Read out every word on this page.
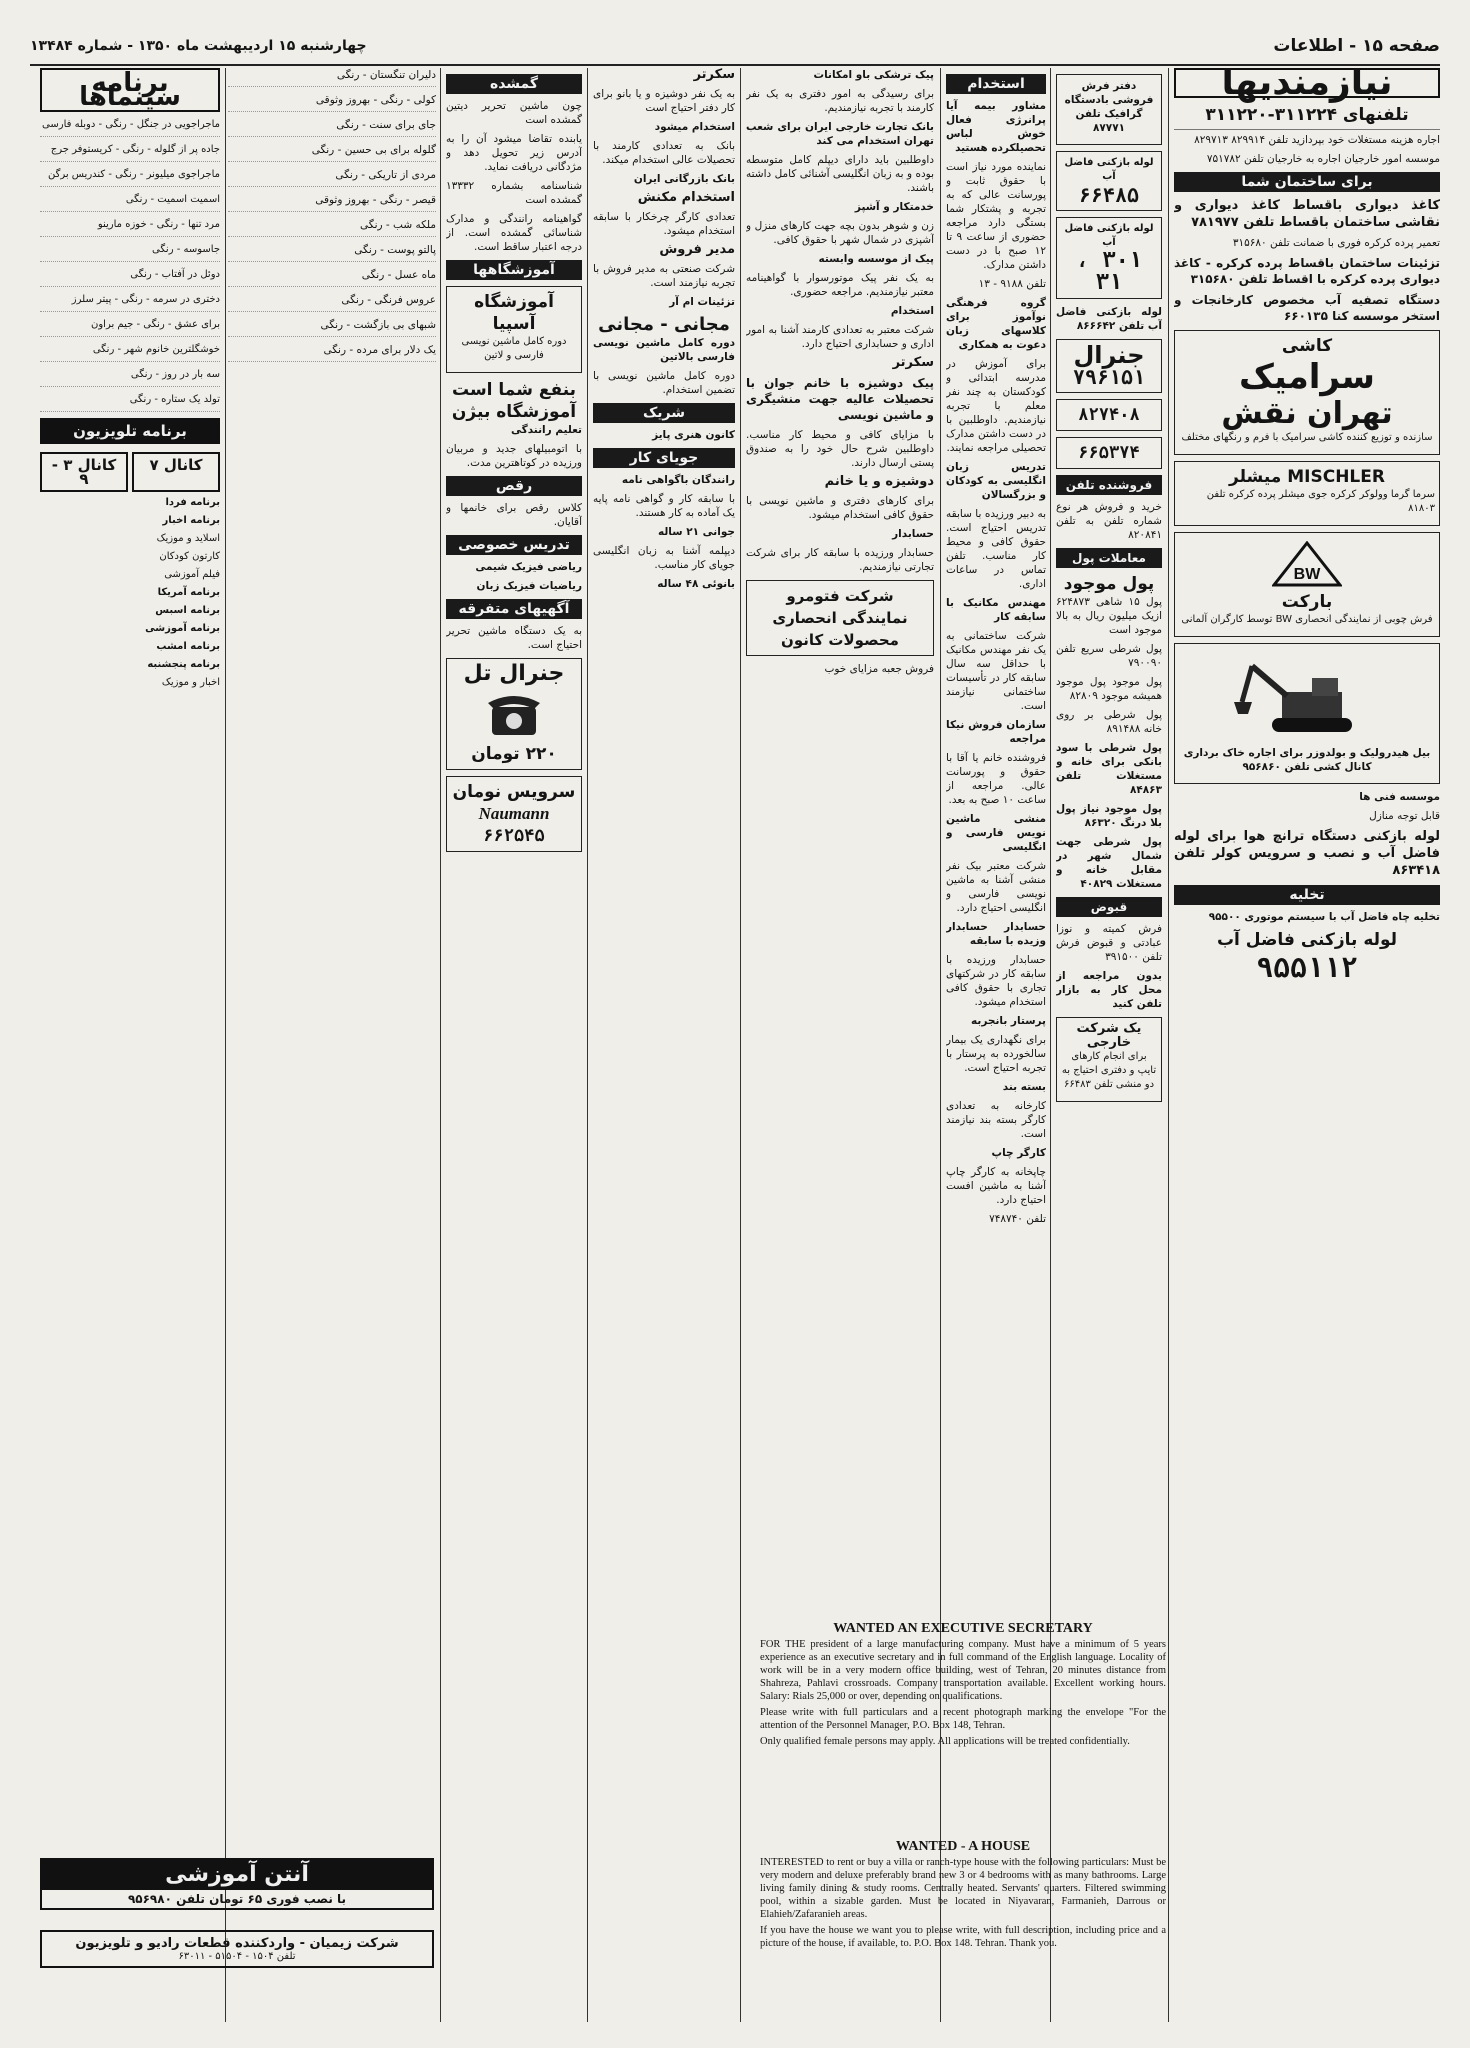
صفحه ۱۵ - اطلاعات
چهارشنبه ۱۵ اردیبهشت ماه ۱۳۵۰ - شماره ۱۳۴۸۴
نیازمندیها
تلفنهای ۳۱۱۲۲۴-۳۱۱۲۲۰

اجاره هزینه مستغلات خود بپردازید تلفن ۸۲۹۹۱۴ ۸۲۹۷۱۳

موسسه امور خارجیان اجاره به خارجیان تلفن ۷۵۱۷۸۲

برای ساختمان شما

کاغذ دیواری باقساط کاغذ دیواری و نقاشی ساختمان باقساط تلفن ۷۸۱۹۷۷

تعمیر پرده کرکره فوری با ضمانت تلفن ۳۱۵۶۸۰

تزئینات ساختمان باقساط پرده کرکره - کاغذ دیواری پرده کرکره با اقساط تلفن ۳۱۵۶۸۰

دستگاه تصفیه آب مخصوص کارخانجات و استخر موسسه کنا ۶۶۰۱۳۵

کاشی
سرامیک
تهران نقش

سازنده و توزیع کننده کاشی سرامیک با فرم و رنگهای مختلف

MISCHLER میشلر

سرما گرما وولوکر کرکره جوی میشلر پرده کرکره تلفن ۸۱۸۰۳

BW
بارکت

فرش چوبی از نمایندگی انحصاری BW توسط کارگران آلمانی

بیل هیدرولیک و بولدوزر برای اجاره خاک برداری کانال کشی تلفن ۹۵۶۸۶۰

موسسه فنی ها

قابل توجه منازل

لوله بازکنی دستگاه ترانچ هوا برای لوله فاضل آب و نصب و سرویس کولر تلفن ۸۶۳۴۱۸

تخلیه

تخلیه چاه فاضل آب با سیستم موتوری ۹۵۵۰۰

لوله بازکنی فاضل آب
۹۵۵۱۱۲

دفتر فرش فروشی بادستگاه گرافیک تلفن ۸۷۷۷۱

لوله بازکنی فاضل آب
۶۶۴۸۵
لوله بازکنی فاضل آب
۳۰۱ ، ۳۱

لوله بازکنی فاضل آب تلفن ۸۶۶۶۴۲

جنرال
۷۹۶۱۵۱
۸۲۷۴۰۸
۶۶۵۳۷۴
فروشنده تلفن

خرید و فروش هر نوع شماره تلفن به تلفن ۸۲۰۸۴۱

معاملات پول
پول موجود

پول ۱۵ شاهی ۶۲۴۸۷۳ ازیک میلیون ریال به بالا موجود است

پول شرطی سریع تلفن ۷۹۰۰۹۰

پول موجود پول موجود همیشه موجود ۸۲۸۰۹

پول شرطی بر روی خانه ۸۹۱۴۸۸

پول شرطی با سود بانکی برای خانه و مستغلات تلفن ۸۴۸۶۳

پول موجود نیاز پول بلا درنگ ۸۶۳۲۰

پول شرطی جهت شمال شهر در مقابل خانه و مستغلات ۴۰۸۲۹

قبوض

فرش کمیته و نوزا عبادتی و قبوض فرش تلفن ۳۹۱۵۰۰

بدون مراجعه از محل کار به بازار تلفن کنید

یک شرکت خارجی

برای انجام کارهای تایپ و دفتری احتیاج به دو منشی تلفن ۶۶۴۸۳

استخدام

مشاور بیمه آیا پرانرژی فعال خوش لباس تحصیلکرده هستید

نماینده مورد نیاز است با حقوق ثابت و پورسانت عالی که به تجربه و پشتکار شما بستگی دارد مراجعه حضوری از ساعت ۹ تا ۱۲ صبح با در دست داشتن مدارک.

تلفن ۹۱۸۸ - ۱۳

گروه فرهنگی نوآموز برای کلاسهای زبان دعوت به همکاری

برای آموزش در مدرسه ابتدائی و کودکستان به چند نفر معلم با تجربه نیازمندیم. داوطلبین با در دست داشتن مدارک تحصیلی مراجعه نمایند.

تدریس زبان انگلیسی به کودکان و بزرگسالان

به دبیر ورزیده با سابقه تدریس احتیاج است. حقوق کافی و محیط کار مناسب. تلفن تماس در ساعات اداری.

مهندس مکانیک با سابقه کار

شرکت ساختمانی به یک نفر مهندس مکانیک با حداقل سه سال سابقه کار در تأسیسات ساختمانی نیازمند است.

سازمان فروش نیکا مراجعه

فروشنده خانم یا آقا با حقوق و پورسانت عالی. مراجعه از ساعت ۱۰ صبح به بعد.

منشی ماشین نویس فارسی و انگلیسی

شرکت معتبر بیک نفر منشی آشنا به ماشین نویسی فارسی و انگلیسی احتیاج دارد.

حسابدار حسابدار وزیده با سابقه

حسابدار ورزیده با سابقه کار در شرکتهای تجاری با حقوق کافی استخدام میشود.

پرستار بانجربه

برای نگهداری یک بیمار سالخورده به پرستار با تجربه احتیاج است.

بسته بند

کارخانه به تعدادی کارگر بسته بند نیازمند است.

کارگر چاپ

چاپخانه به کارگر چاپ آشنا به ماشین افست احتیاج دارد.

تلفن ۷۴۸۷۴۰

پیک ترشکی باو امکانات

برای رسیدگی به امور دفتری به یک نفر کارمند با تجربه نیازمندیم.

بانک تجارت خارجی ایران برای شعب تهران استخدام می کند

داوطلبین باید دارای دیپلم کامل متوسطه بوده و به زبان انگلیسی آشنائی کامل داشته باشند.

خدمتکار و آشپز

زن و شوهر بدون بچه جهت کارهای منزل و آشپزی در شمال شهر با حقوق کافی.

پیک از موسسه وابسته

به یک نفر پیک موتورسوار با گواهینامه معتبر نیازمندیم. مراجعه حضوری.

استخدام

شرکت معتبر به تعدادی کارمند آشنا به امور اداری و حسابداری احتیاج دارد.

سکرتر

پیک دوشیزه با خانم جوان با تحصیلات عالیه جهت منشیگری و ماشین نویسی

با مزایای کافی و محیط کار مناسب. داوطلبین شرح حال خود را به صندوق پستی ارسال دارند.

دوشیزه و یا خانم

برای کارهای دفتری و ماشین نویسی با حقوق کافی استخدام میشود.

حسابدار

حسابدار ورزیده با سابقه کار برای شرکت تجارتی نیازمندیم.

شرکت فتومرو نمایندگی انحصاری محصولات کانون

فروش جعبه مزایای خوب

سکرتر

به یک نفر دوشیزه و یا بانو برای کار دفتر احتیاج است

استخدام میشود

بانک به تعدادی کارمند با تحصیلات عالی استخدام میکند.

بانک بازرگانی ایران

استخدام مکنش

تعدادی کارگر چرخکار با سابقه استخدام میشود.

مدیر فروش

شرکت صنعتی به مدیر فروش با تجربه نیازمند است.

تزئینات ام آر

مجانی - مجانی

دوره کامل ماشین نویسی فارسی بالاتین

دوره کامل ماشین نویسی با تضمین استخدام.

شریک

کانون هنری پایز

جویای کار

رانندگان باگواهی نامه

با سابقه کار و گواهی نامه پایه یک آماده به کار هستند.

جوانی ۲۱ ساله

دیپلمه آشنا به زبان انگلیسی جویای کار مناسب.

بانوئی ۴۸ ساله

WANTED AN EXECUTIVE SECRETARY

FOR THE president of a large manufacturing company. Must have a minimum of 5 years experience as an executive secretary and in full command of the English language. Locality of work will be in a very modern office building, west of Tehran, 20 minutes distance from Shahreza, Pahlavi crossroads. Company transportation available. Excellent working hours. Salary: Rials 25,000 or over, depending on qualifications.

Please write with full particulars and a recent photograph marking the envelope "For the attention of the Personnel Manager, P.O. Box 148, Tehran.

Only qualified female persons may apply. All applications will be treated confidentially.

WANTED - A HOUSE

INTERESTED to rent or buy a villa or ranch-type house with the following particulars: Must be very modern and deluxe preferably brand new 3 or 4 bedrooms with as many bathrooms. Large living family dining & study rooms. Centrally heated. Servants' quarters. Filtered swimming pool, within a sizable garden. Must be located in Niyavaran, Farmanieh, Darrous or Elahieh/Zafaranieh areas.

If you have the house we want you to please write, with full description, including price and a picture of the house, if available, to. P.O. Box 148. Tehran. Thank you.

گمشده

چون ماشین تحریر دیتین گمشده است

یابنده تقاضا میشود آن را به آدرس زیر تحویل دهد و مژدگانی دریافت نماید.

شناسنامه بشماره ۱۳۳۳۲ گمشده است

گواهینامه رانندگی و مدارک شناسائی گمشده است. از درجه اعتبار ساقط است.

آموزشگاهها
آموزشگاه آسپیا

دوره کامل ماشین نویسی فارسی و لاتین

بنفع شما است
آموزشگاه بیژن

تعلیم رانندگی

با اتومبیلهای جدید و مربیان ورزیده در کوتاهترین مدت.

رقص

کلاس رقص برای خانمها و آقایان.

تدریس خصوصی

ریاضی فیزیک شیمی

ریاضیات فیزیک زبان

آگهیهای متفرقه

به یک دستگاه ماشین تحریر احتیاج است.

جنرال تل
۲۲۰ تومان
سرویس نومان
Naumann
۶۶۲۵۴۵
برنامه سینماها

ماجراجویی در جنگل - رنگی - دوبله فارسی

جاده پر از گلوله - رنگی - کریستوفر جرج

ماجراجوی میلیونر - رنگی - کندریس برگن

اسمیت اسمیت - رنگی

مرد تنها - رنگی - خوزه مارینو

جاسوسه - رنگی

دوئل در آفتاب - رنگی

دختری در سرمه - رنگی - پیتر سلرز

برای عشق - رنگی - جیم براون

خوشگلترین خانوم شهر - رنگی

سه بار در روز - رنگی

تولد یک ستاره - رنگی

برنامه تلویزیون
کانال ۷
کانال ۳ - ۹

برنامه فردا

برنامه اخبار

اسلاید و موزیک

کارتون کودکان

فیلم آموزشی

برنامه آمریکا

برنامه اسبس

برنامه آموزشی

برنامه امشب

برنامه پنجشنبه

اخبار و موزیک

دلیران تنگستان - رنگی

کولی - رنگی - بهروز وثوقی

جای برای سنت - رنگی

گلوله برای بی حسین - رنگی

مردی از تاریکی - رنگی

قیصر - رنگی - بهروز وثوقی

ملکه شب - رنگی

پالتو پوست - رنگی

ماه عسل - رنگی

عروس فرنگی - رنگی

شبهای بی بازگشت - رنگی

یک دلار برای مرده - رنگی

آنتن آموزشی
با نصب فوری ۶۵ تومان تلفن ۹۵۶۹۸۰
شرکت زیمیان - واردکننده قطعات رادیو و تلویزیون
تلفن ۱۵۰۴ - ۵۱۵۰۴ - ۶۳۰۱۱
